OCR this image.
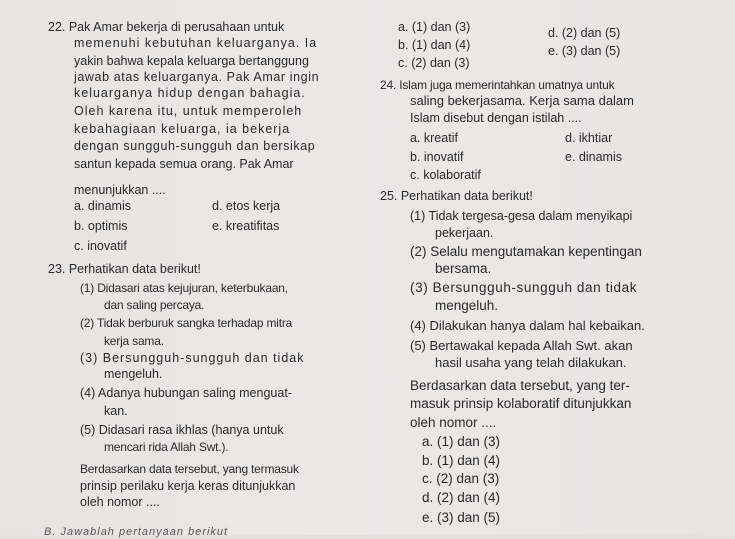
22. Pak Amar bekerja di perusahaan untuk
memenuhi kebutuhan keluarganya. Ia
yakin bahwa kepala keluarga bertanggung
jawab atas keluarganya. Pak Amar ingin
keluarganya hidup dengan bahagia.
Oleh karena itu, untuk memperoleh
kebahagiaan keluarga, ia bekerja
dengan sungguh-sungguh dan bersikap
santun kepada semua orang. Pak Amar
menunjukkan ....
a. dinamis
b. optimis
c. inovatif
d. etos kerja
e. kreatifitas
23. Perhatikan data berikut!
(1) Didasari atas kejujuran, keterbukaan,
dan saling percaya.
(2) Tidak berburuk sangka terhadap mitra
kerja sama.
(3) Bersungguh-sungguh dan tidak
mengeluh.
(4) Adanya hubungan saling menguat-
kan.
(5) Didasari rasa ikhlas (hanya untuk
mencari rida Allah Swt.).
Berdasarkan data tersebut, yang termasuk
prinsip perilaku kerja keras ditunjukkan
oleh nomor ....
B. Jawablah pertanyaan berikut
a. (1) dan (3)
b. (1) dan (4)
c. (2) dan (3)
d. (2) dan (5)
e. (3) dan (5)
24. Islam juga memerintahkan umatnya untuk
saling bekerjasama. Kerja sama dalam
Islam disebut dengan istilah ....
a. kreatif
b. inovatif
c. kolaboratif
d. ikhtiar
e. dinamis
25. Perhatikan data berikut!
(1) Tidak tergesa-gesa dalam menyikapi
pekerjaan.
(2) Selalu mengutamakan kepentingan
bersama.
(3) Bersungguh-sungguh dan tidak
mengeluh.
(4) Dilakukan hanya dalam hal kebaikan.
(5) Bertawakal kepada Allah Swt. akan
hasil usaha yang telah dilakukan.
Berdasarkan data tersebut, yang ter-
masuk prinsip kolaboratif ditunjukkan
oleh nomor ....
a. (1) dan (3)
b. (1) dan (4)
c. (2) dan (3)
d. (2) dan (4)
e. (3) dan (5)
